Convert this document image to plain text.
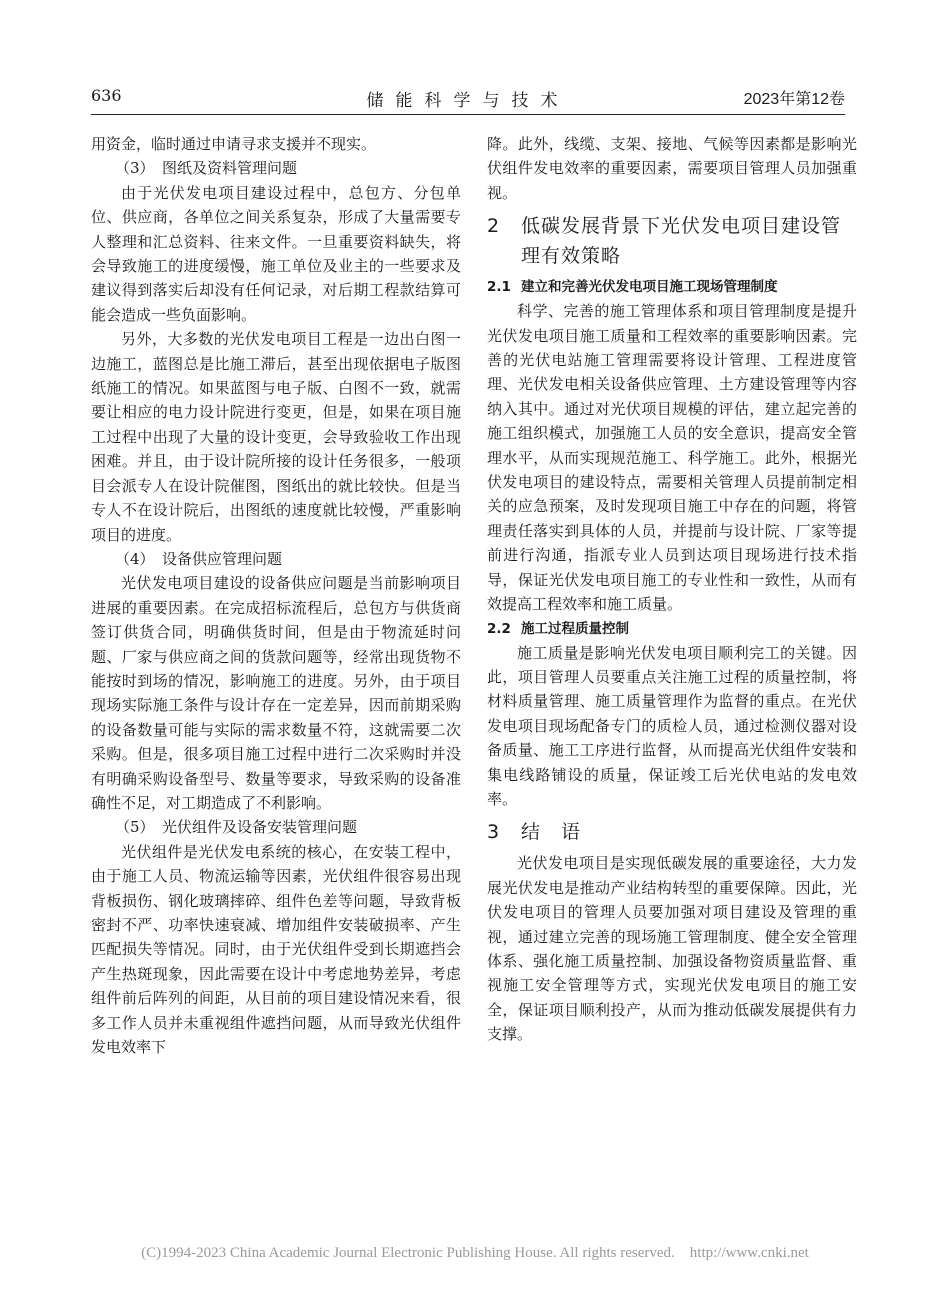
636	储能科学与技术	2023年第12卷

用资金，临时通过申请寻求支援并不现实。

（3）　图纸及资料管理问题

由于光伏发电项目建设过程中，总包方、分包单位、供应商，各单位之间关系复杂，形成了大量需要专人整理和汇总资料、往来文件。一旦重要资料缺失，将会导致施工的进度缓慢，施工单位及业主的一些要求及建议得到落实后却没有任何记录，对后期工程款结算可能会造成一些负面影响。

另外，大多数的光伏发电项目工程是一边出白图一边施工，蓝图总是比施工滞后，甚至出现依据电子版图纸施工的情况。如果蓝图与电子版、白图不一致，就需要让相应的电力设计院进行变更，但是，如果在项目施工过程中出现了大量的设计变更，会导致验收工作出现困难。并且，由于设计院所接的设计任务很多，一般项目会派专人在设计院催图，图纸出的就比较快。但是当专人不在设计院后，出图纸的速度就比较慢，严重影响项目的进度。

（4）　设备供应管理问题

光伏发电项目建设的设备供应问题是当前影响项目进展的重要因素。在完成招标流程后，总包方与供货商签订供货合同，明确供货时间，但是由于物流延时问题、厂家与供应商之间的货款问题等，经常出现货物不能按时到场的情况，影响施工的进度。另外，由于项目现场实际施工条件与设计存在一定差异，因而前期采购的设备数量可能与实际的需求数量不符，这就需要二次采购。但是，很多项目施工过程中进行二次采购时并没有明确采购设备型号、数量等要求，导致采购的设备准确性不足，对工期造成了不利影响。

（5）　光伏组件及设备安装管理问题

光伏组件是光伏发电系统的核心，在安装工程中，由于施工人员、物流运输等因素，光伏组件很容易出现背板损伤、钢化玻璃摔碎、组件色差等问题，导致背板密封不严、功率快速衰减、增加组件安装破损率、产生匹配损失等情况。同时，由于光伏组件受到长期遮挡会产生热斑现象，因此需要在设计中考虑地势差异，考虑组件前后阵列的间距，从目前的项目建设情况来看，很多工作人员并未重视组件遮挡问题，从而导致光伏组件发电效率下

降。此外，线缆、支架、接地、气候等因素都是影响光伏组件发电效率的重要因素，需要项目管理人员加强重视。

2	低碳发展背景下光伏发电项目建设管理有效策略

2.1 建立和完善光伏发电项目施工现场管理制度

科学、完善的施工管理体系和项目管理制度是提升光伏发电项目施工质量和工程效率的重要影响因素。完善的光伏电站施工管理需要将设计管理、工程进度管理、光伏发电相关设备供应管理、土方建设管理等内容纳入其中。通过对光伏项目规模的评估，建立起完善的施工组织模式，加强施工人员的安全意识，提高安全管理水平，从而实现规范施工、科学施工。此外，根据光伏发电项目的建设特点，需要相关管理人员提前制定相关的应急预案，及时发现项目施工中存在的问题，将管理责任落实到具体的人员，并提前与设计院、厂家等提前进行沟通，指派专业人员到达项目现场进行技术指导，保证光伏发电项目施工的专业性和一致性，从而有效提高工程效率和施工质量。

2.2 施工过程质量控制

施工质量是影响光伏发电项目顺利完工的关键。因此，项目管理人员要重点关注施工过程的质量控制，将材料质量管理、施工质量管理作为监督的重点。在光伏发电项目现场配备专门的质检人员，通过检测仪器对设备质量、施工工序进行监督，从而提高光伏组件安装和集电线路铺设的质量，保证竣工后光伏电站的发电效率。

3	结　语

光伏发电项目是实现低碳发展的重要途径，大力发展光伏发电是推动产业结构转型的重要保障。因此，光伏发电项目的管理人员要加强对项目建设及管理的重视，通过建立完善的现场施工管理制度、健全安全管理体系、强化施工质量控制、加强设备物资质量监督、重视施工安全管理等方式，实现光伏发电项目的施工安全，保证项目顺利投产，从而为推动低碳发展提供有力支撑。

(C)1994-2023 China Academic Journal Electronic Publishing House. All rights reserved.　http://www.cnki.net
